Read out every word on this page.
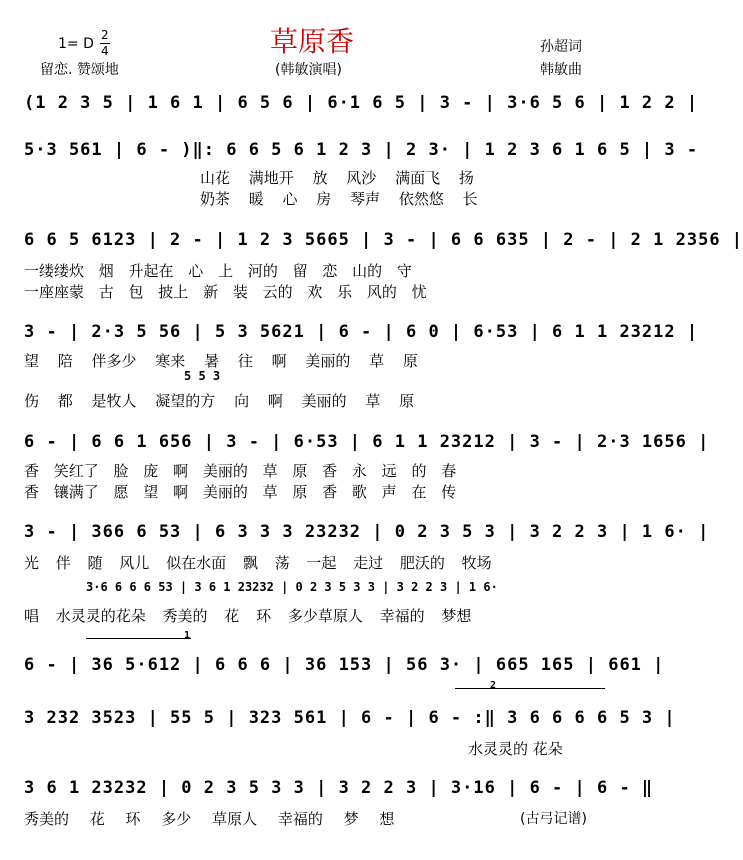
草原香
1= D
2
4
留恋. 赞颂地	(韩敏演唱)
孙超词
韩敏曲
(1 2 3 5 | 1 6 1 | 6 5 6 | 6·1 6 5 | 3 - | 3·6 5 6 | 1 2 2 |
5·3 561 | 6 - )‖: 6 6 5 6 1 2 3 | 2 3· | 1 2 3 6 1 6 5 | 3 -
山花 满地开 放 风沙 满面飞 扬
奶茶 暖 心 房 琴声 依然悠 长
6 6 5 6123 | 2 - | 1 2 3 5665 | 3 - | 6 6 635 | 2 - | 2 1 2356 |
一缕缕炊 烟 升起在 心 上 河的 留 恋 山的 守
一座座蒙 古 包 披上 新 装 云的 欢 乐 风的 忧
3 - | 2·3 5 56 | 5 3 5621 | 6 - | 6 0 | 6·53 | 6 1 1 23212 |
望 陪 伴多少 寒来 暑 往 啊 美丽的 草 原
5 5 3
伤 都 是牧人 凝望的方 向 啊 美丽的 草 原
6 - | 6 6 1 656 | 3 - | 6·53 | 6 1 1 23212 | 3 - | 2·3 1656 |
香 笑红了 脸 庞 啊 美丽的 草 原 香 永 远 的 春
香 镶满了 愿 望 啊 美丽的 草 原 香 歌 声 在 传
3 - | 366 6 53 | 6 3 3 3 23232 | 0 2 3 5 3 | 3 2 2 3 | 1 6· |
光 伴 随 风儿 似在水面 飘 荡 一起 走过 肥沃的 牧场
3·6 6 6 6 53 | 3 6 1 23232 | 0 2 3 5 3 3 | 3 2 2 3 | 1 6·
唱 水灵灵的花朵 秀美的 花 环 多少草原人 幸福的 梦想
1
6 - | 36 5·612 | 6 6 6 | 36 153 | 56 3· | 665 165 | 661 |
2
3 232 3523 | 55 5 | 323 561 | 6 - | 6 - :‖ 3 6 6 6 6 5 3 |
水灵灵的 花朵
3 6 1 23232 | 0 2 3 5 3 3 | 3 2 2 3 | 3·16 | 6 - | 6 - ‖
秀美的 花 环 多少 草原人 幸福的 梦 想	(古弓记谱)
